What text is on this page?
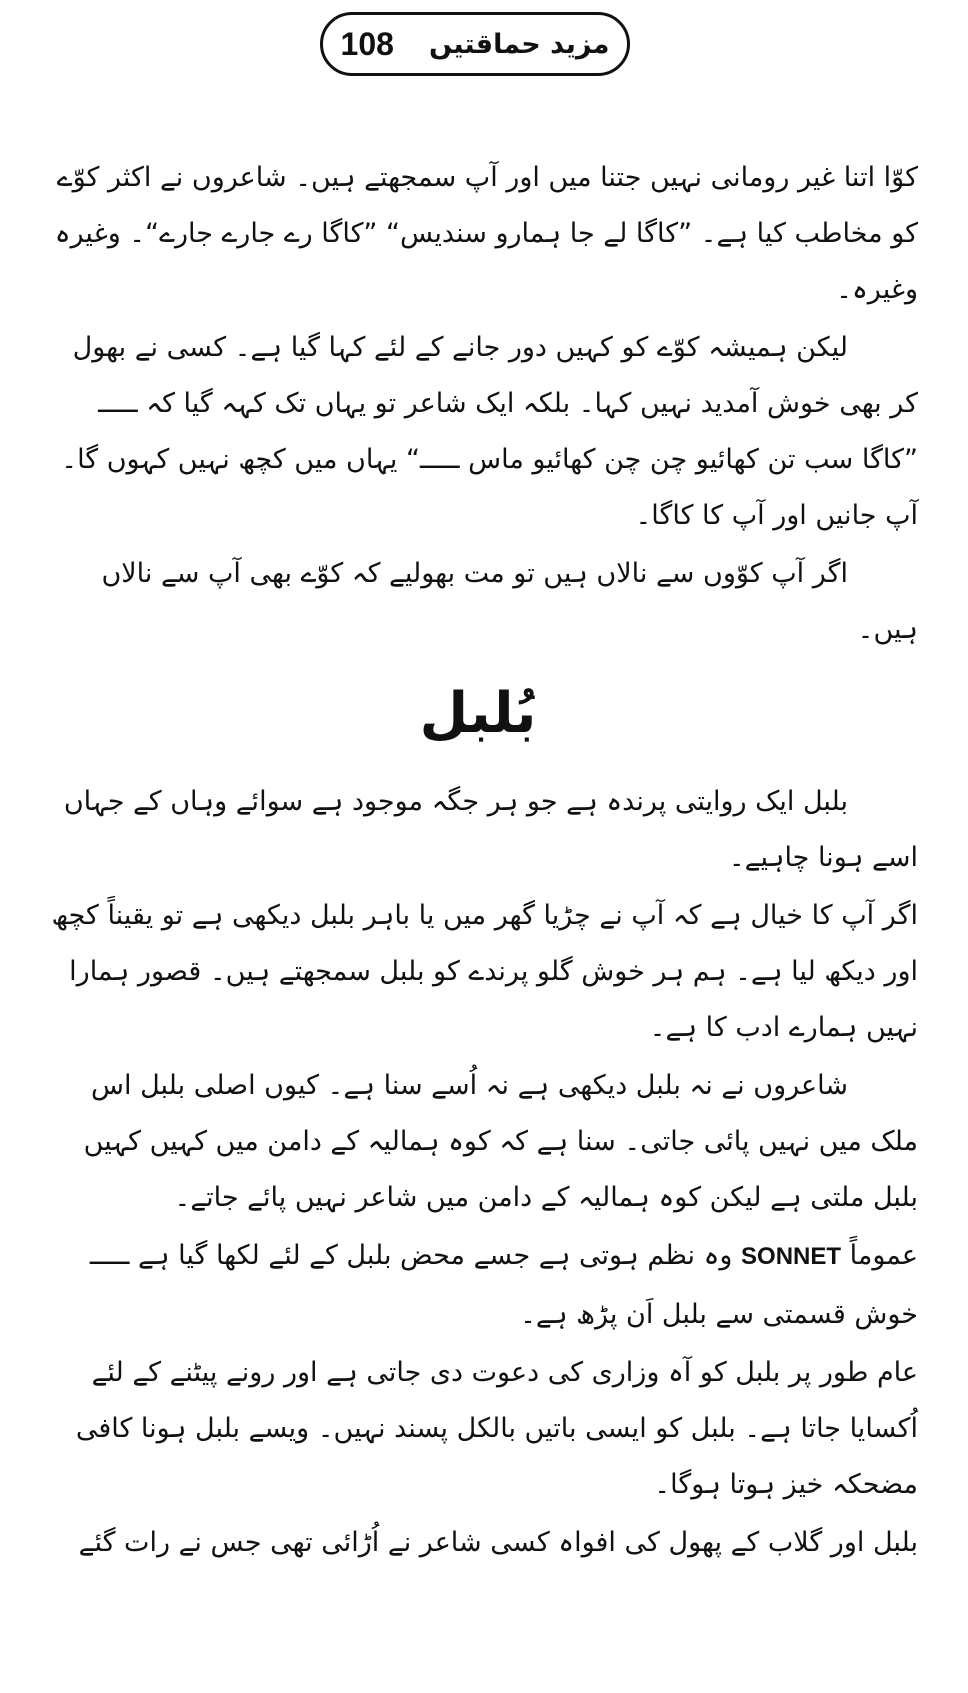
108 مزید حماقتیں

کوّا اتنا غیر رومانی نہیں جتنا میں اور آپ سمجھتے ہیں۔ شاعروں نے اکثر کوّے کو مخاطب کیا ہے۔ ”کاگا لے جا ہمارو سندیس“ ”کاگا رے جارے جارے“۔ وغیرہ وغیرہ۔

لیکن ہمیشہ کوّے کو کہیں دور جانے کے لئے کہا گیا ہے۔ کسی نے بھول کر بھی خوش آمدید نہیں کہا۔ بلکہ ایک شاعر تو یہاں تک کہہ گیا کہ ـــــ ”کاگا سب تن کھائیو چن چن کھائیو ماس ـــــ“ یہاں میں کچھ نہیں کہوں گا۔ آپ جانیں اور آپ کا کاگا۔

اگر آپ کوّوں سے نالاں ہیں تو مت بھولیے کہ کوّے بھی آپ سے نالاں ہیں۔

بُلبل

بلبل ایک روایتی پرندہ ہے جو ہر جگہ موجود ہے سوائے وہاں کے جہاں اسے ہونا چاہیے۔

اگر آپ کا خیال ہے کہ آپ نے چڑیا گھر میں یا باہر بلبل دیکھی ہے تو یقیناً کچھ اور دیکھ لیا ہے۔ ہم ہر خوش گلو پرندے کو بلبل سمجھتے ہیں۔ قصور ہمارا نہیں ہمارے ادب کا ہے۔

شاعروں نے نہ بلبل دیکھی ہے نہ اُسے سنا ہے۔ کیوں اصلی بلبل اس ملک میں نہیں پائی جاتی۔ سنا ہے کہ کوہ ہمالیہ کے دامن میں کہیں کہیں بلبل ملتی ہے لیکن کوہ ہمالیہ کے دامن میں شاعر نہیں پائے جاتے۔

عموماً SONNET وہ نظم ہوتی ہے جسے محض بلبل کے لئے لکھا گیا ہے ـــــ

خوش قسمتی سے بلبل اَن پڑھ ہے۔

عام طور پر بلبل کو آہ وزاری کی دعوت دی جاتی ہے اور رونے پیٹنے کے لئے اُکسایا جاتا ہے۔ بلبل کو ایسی باتیں بالکل پسند نہیں۔ ویسے بلبل ہونا کافی مضحکہ خیز ہوتا ہوگا۔

بلبل اور گلاب کے پھول کی افواہ کسی شاعر نے اُڑائی تھی جس نے رات گئے
